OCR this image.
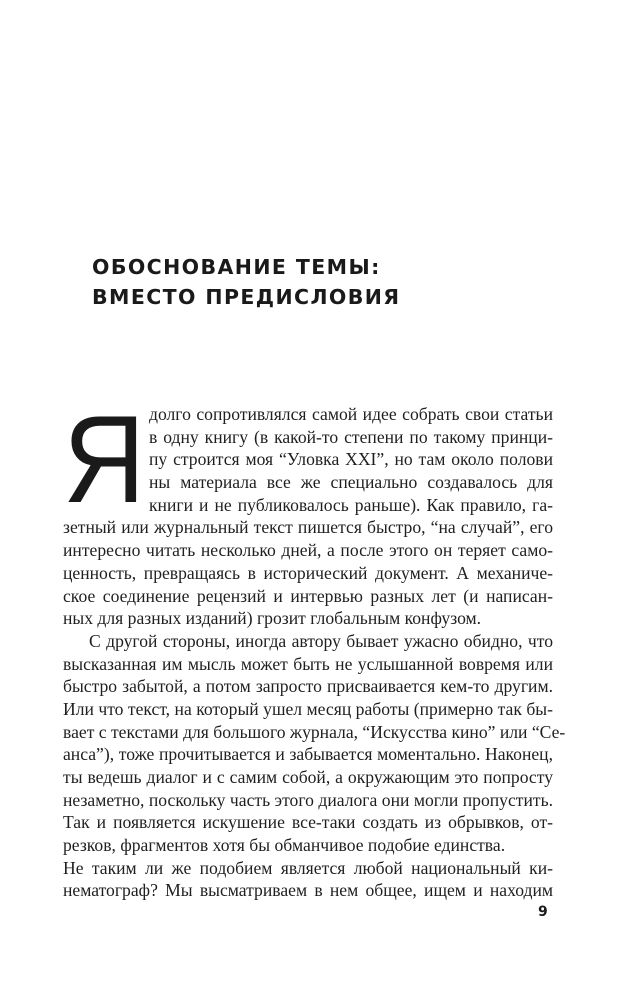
ОБОСНОВАНИЕ ТЕМЫ:
ВМЕСТО ПРЕДИСЛОВИЯ
Я долго сопротивлялся самой идее собрать свои статьи
в одну книгу (в какой-то степени по такому принци-
пу строится моя “Уловка XXI”, но там около полови
ны материала все же специально создавалось для
книги и не публиковалось раньше). Как правило, га-
зетный или журнальный текст пишется быстро, “на случай”, его
интересно читать несколько дней, а после этого он теряет само-
ценность, превращаясь в исторический документ. А механиче-
ское соединение рецензий и интервью разных лет (и написан-
ных для разных изданий) грозит глобальным конфузом.
С другой стороны, иногда автору бывает ужасно обидно, что
высказанная им мысль может быть не услышанной вовремя или
быстро забытой, а потом запросто присваивается кем-то другим.
Или что текст, на который ушел месяц работы (примерно так бы-
вает с текстами для большого журнала, “Искусства кино” или “Се-
анса”), тоже прочитывается и забывается моментально. Наконец,
ты ведешь диалог и с самим собой, а окружающим это попросту
незаметно, поскольку часть этого диалога они могли пропустить.
Так и появляется искушение все-таки создать из обрывков, от-
резков, фрагментов хотя бы обманчивое подобие единства.
Не таким ли же подобием является любой национальный ки-
нематограф? Мы высматриваем в нем общее, ищем и находим
9
